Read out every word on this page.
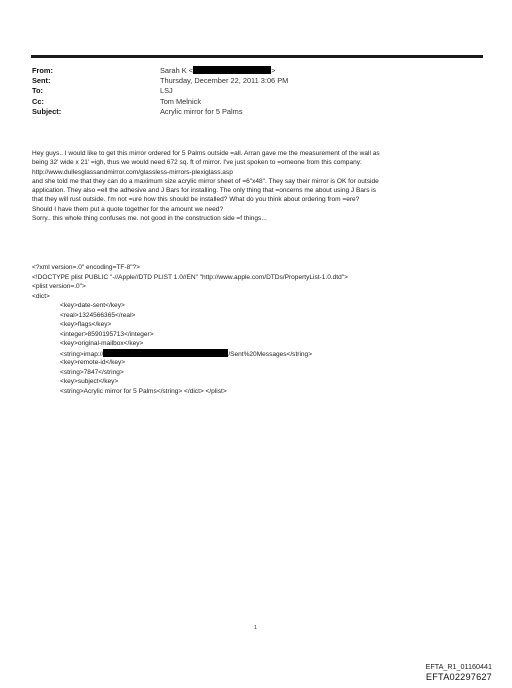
From:	Sarah K <	>
Sent:	Thursday, December 22, 2011 3:06 PM
To:	LSJ
Cc:	Tom Melnick
Subject:	Acrylic mirror for 5 Palms

Hey guys.. I would like to get this mirror ordered for 5 Palms outside =all. Arran gave me the measurement of the wall as

being 32' wide x 21' =igh, thus we would need 672 sq. ft of mirror. I've just spoken to =omeone from this company:

http://www.dullesglassandmirror.com/glassless-mirrors-plexiglass.asp

and she told me that they can do a maximum size acrylic mirror sheet of =6"x48". They say their mirror is OK for outside

application. They also =ell the adhesive and J Bars for installing. The only thing that =oncerns me about using J Bars is

that they will rust outside. I'm not =ure how this should be installed? What do you think about ordering from =ere?

Should I have them put a quote together for the amount we need?

Sorry.. this whole thing confuses me. not good in the construction side =f things...

<?xml version=.0" encoding=TF-8"?>
<!DOCTYPE plist PUBLIC "-//Apple//DTD PLIST 1.0//EN" "http://www.apple.com/DTDs/PropertyList-1.0.dtd">
<plist version=.0">
<dict>
<key>date-sent</key>
<real>1324566365</real>
<key>flags</key>
<integer>8590195713</integer>
<key>original-mailbox</key>
<string>imap://	/Sent%20Messages</string>
<key>remote-id</key>
<string>7847</string>
<key>subject</key>
<string>Acrylic mirror for 5 Palms</string> </dict> </plist>
1
EFTA_R1_01160441
EFTA02297627
